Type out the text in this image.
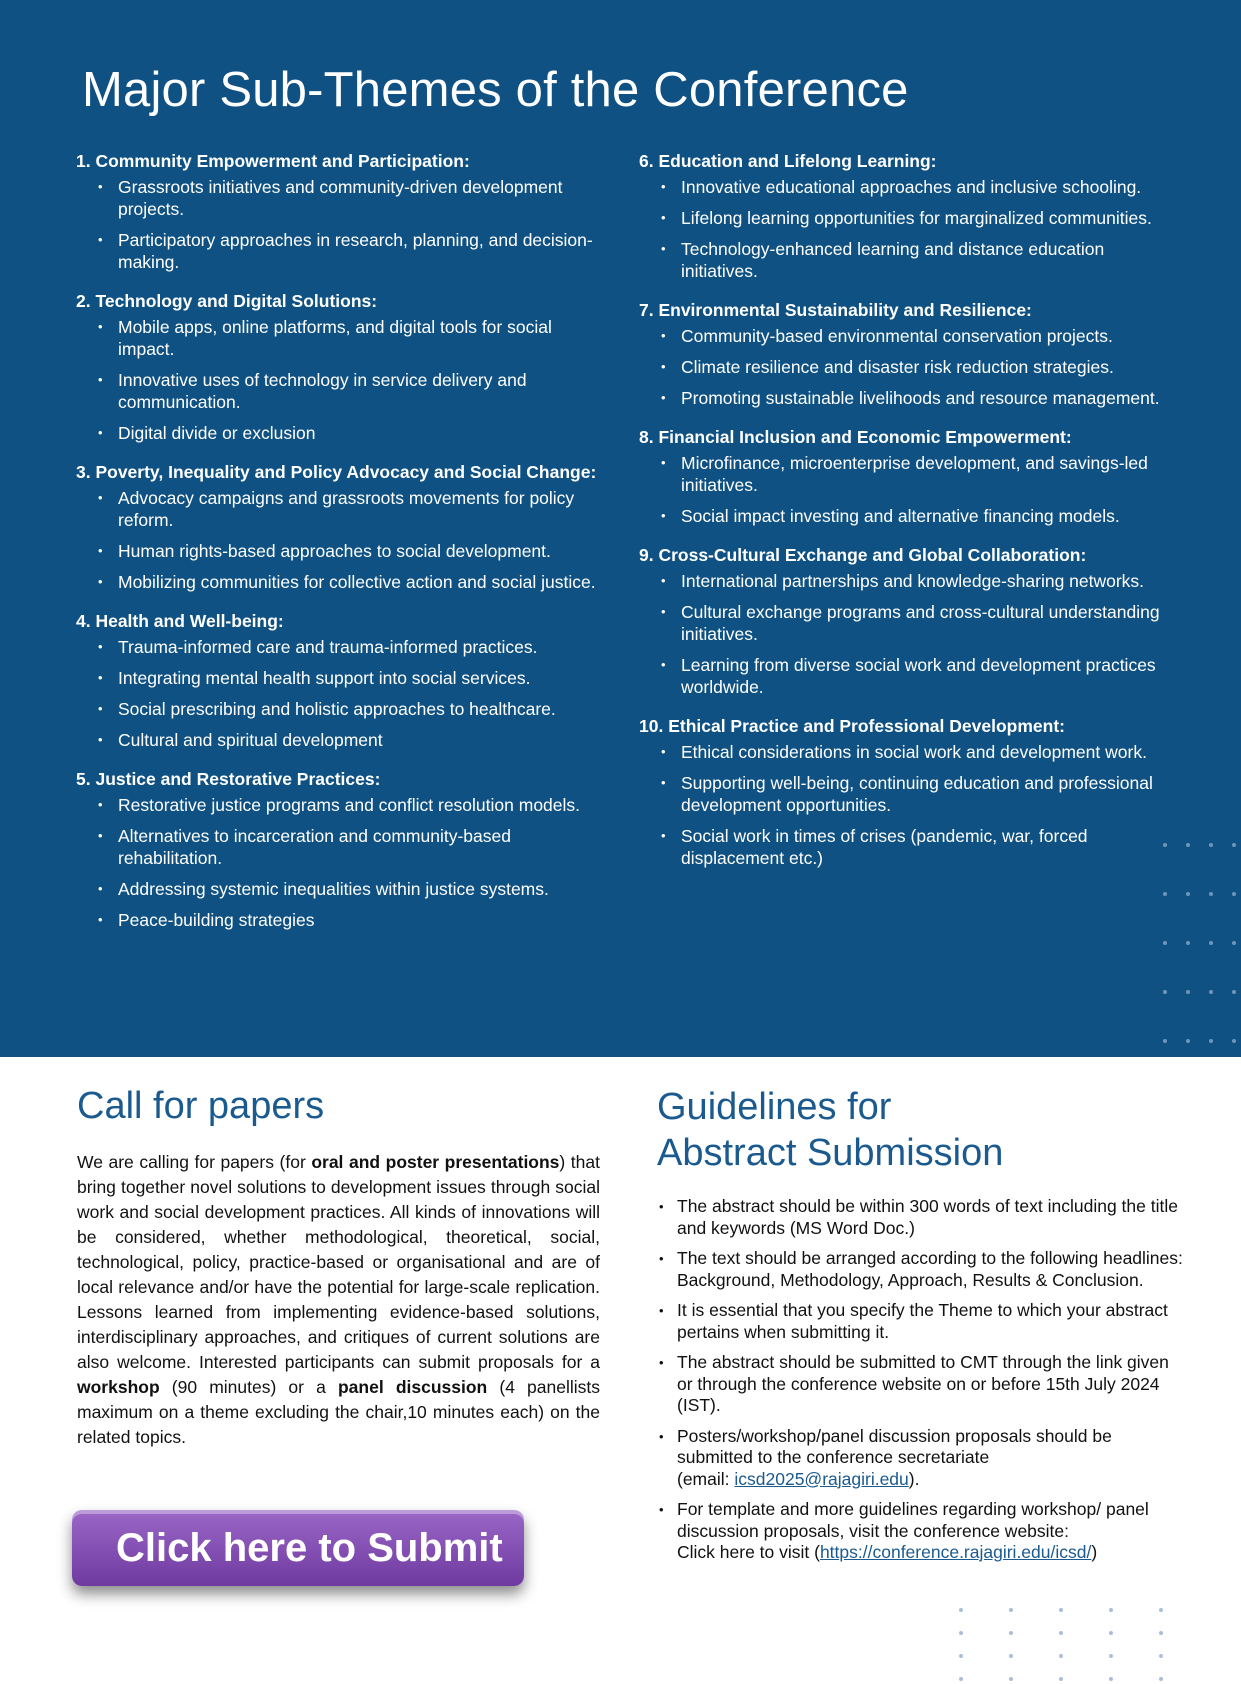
Major Sub-Themes of the Conference
1. Community Empowerment and Participation:
• Grassroots initiatives and community-driven development projects.
• Participatory approaches in research, planning, and decision-making.
2. Technology and Digital Solutions:
• Mobile apps, online platforms, and digital tools for social impact.
• Innovative uses of technology in service delivery and communication.
• Digital divide or exclusion
3. Poverty, Inequality and Policy Advocacy and Social Change:
• Advocacy campaigns and grassroots movements for policy reform.
• Human rights-based approaches to social development.
• Mobilizing communities for collective action and social justice.
4. Health and Well-being:
• Trauma-informed care and trauma-informed practices.
• Integrating mental health support into social services.
• Social prescribing and holistic approaches to healthcare.
• Cultural and spiritual development
5. Justice and Restorative Practices:
• Restorative justice programs and conflict resolution models.
• Alternatives to incarceration and community-based rehabilitation.
• Addressing systemic inequalities within justice systems.
• Peace-building strategies
6. Education and Lifelong Learning:
• Innovative educational approaches and inclusive schooling.
• Lifelong learning opportunities for marginalized communities.
• Technology-enhanced learning and distance education initiatives.
7. Environmental Sustainability and Resilience:
• Community-based environmental conservation projects.
• Climate resilience and disaster risk reduction strategies.
• Promoting sustainable livelihoods and resource management.
8. Financial Inclusion and Economic Empowerment:
• Microfinance, microenterprise development, and savings-led initiatives.
• Social impact investing and alternative financing models.
9. Cross-Cultural Exchange and Global Collaboration:
• International partnerships and knowledge-sharing networks.
• Cultural exchange programs and cross-cultural understanding initiatives.
• Learning from diverse social work and development practices worldwide.
10. Ethical Practice and Professional Development:
• Ethical considerations in social work and development work.
• Supporting well-being, continuing education and professional development opportunities.
• Social work in times of crises (pandemic, war, forced displacement etc.)
Call for papers

We are calling for papers (for oral and poster presentations) that bring together novel solutions to development issues through social work and social development practices. All kinds of innovations will be considered, whether methodological, theoretical, social, technological, policy, practice-based or organisational and are of local relevance and/or have the potential for large-scale replication. Lessons learned from implementing evidence-based solutions, interdisciplinary approaches, and critiques of current solutions are also welcome. Interested participants can submit proposals for a workshop (90 minutes) or a panel discussion (4 panellists maximum on a theme excluding the chair,10 minutes each) on the related topics.

Click here to Submit
Guidelines for
Abstract Submission
• The abstract should be within 300 words of text including the title and keywords (MS Word Doc.)
• The text should be arranged according to the following headlines: Background, Methodology, Approach, Results & Conclusion.
• It is essential that you specify the Theme to which your abstract pertains when submitting it.
• The abstract should be submitted to CMT through the link given or through the conference website on or before 15th July 2024 (IST).
• Posters/workshop/panel discussion proposals should be submitted to the conference secretariate
(email: icsd2025@rajagiri.edu).
• For template and more guidelines regarding workshop/ panel discussion proposals, visit the conference website:
Click here to visit (https://conference.rajagiri.edu/icsd/)
